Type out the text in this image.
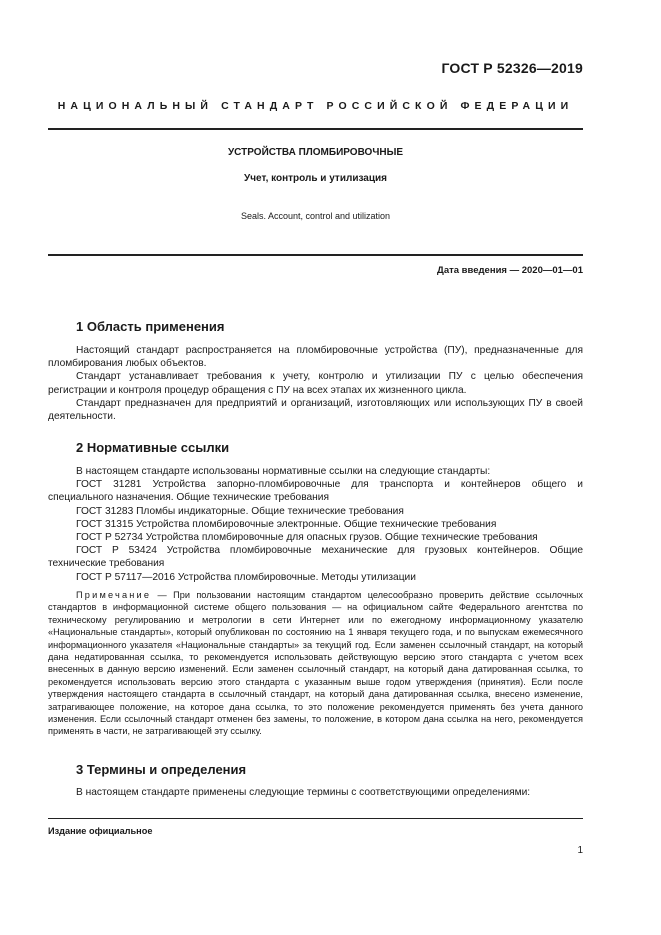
ГОСТ Р 52326—2019
НАЦИОНАЛЬНЫЙ СТАНДАРТ РОССИЙСКОЙ ФЕДЕРАЦИИ
УСТРОЙСТВА ПЛОМБИРОВОЧНЫЕ
Учет, контроль и утилизация
Seals. Account, control and utilization
Дата введения — 2020—01—01
1 Область применения

Настоящий стандарт распространяется на пломбировочные устройства (ПУ), предназначенные для пломбирования любых объектов.

Стандарт устанавливает требования к учету, контролю и утилизации ПУ с целью обеспечения регистрации и контроля процедур обращения с ПУ на всех этапах их жизненного цикла.

Стандарт предназначен для предприятий и организаций, изготовляющих или использующих ПУ в своей деятельности.

2 Нормативные ссылки
В настоящем стандарте использованы нормативные ссылки на следующие стандарты:
ГОСТ 31281 Устройства запорно-пломбировочные для транспорта и контейнеров общего и
специального назначения. Общие технические требования
ГОСТ 31283 Пломбы индикаторные. Общие технические требования
ГОСТ 31315 Устройства пломбировочные электронные. Общие технические требования
ГОСТ Р 52734 Устройства пломбировочные для опасных грузов. Общие технические требования
ГОСТ Р 53424 Устройства пломбировочные механические для грузовых контейнеров. Общие
технические требования
ГОСТ Р 57117—2016 Устройства пломбировочные. Методы утилизации

Примечание — При пользовании настоящим стандартом целесообразно проверить действие ссылочных стандартов в информационной системе общего пользования — на официальном сайте Федерального агентства по техническому регулированию и метрологии в сети Интернет или по ежегодному информационному указателю «Национальные стандарты», который опубликован по состоянию на 1 января текущего года, и по выпускам ежемесячного информационного указателя «Национальные стандарты» за текущий год. Если заменен ссылочный стандарт, на который дана недатированная ссылка, то рекомендуется использовать действующую версию этого стандарта с учетом всех внесенных в данную версию изменений. Если заменен ссылочный стандарт, на который дана датированная ссылка, то рекомендуется использовать версию этого стандарта с указанным выше годом утверждения (принятия). Если после утверждения настоящего стандарта в ссылочный стандарт, на который дана датированная ссылка, внесено изменение, затрагивающее положение, на которое дана ссылка, то это положение рекомендуется применять без учета данного изменения. Если ссылочный стандарт отменен без замены, то положение, в котором дана ссылка на него, рекомендуется применять в части, не затрагивающей эту ссылку.

3 Термины и определения

В настоящем стандарте применены следующие термины с соответствующими определениями:

Издание официальное
1
